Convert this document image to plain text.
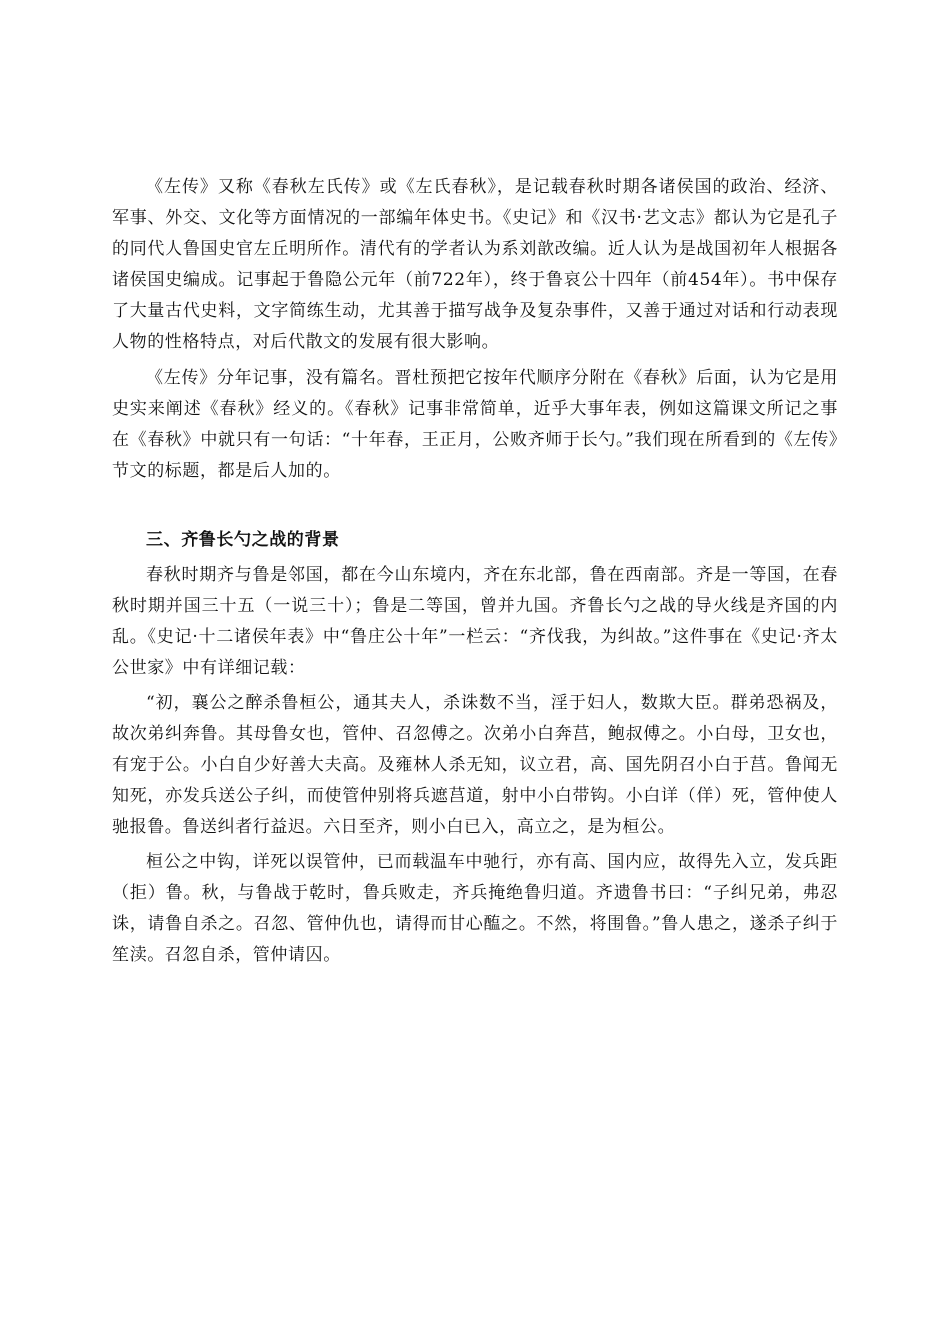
《左传》又称《春秋左氏传》或《左氏春秋》，是记载春秋时期各诸侯国的政治、经济、军事、外交、文化等方面情况的一部编年体史书。《史记》和《汉书·艺文志》都认为它是孔子的同代人鲁国史官左丘明所作。清代有的学者认为系刘歆改编。近人认为是战国初年人根据各诸侯国史编成。记事起于鲁隐公元年（前722年），终于鲁哀公十四年（前454年）。书中保存了大量古代史料，文字简练生动，尤其善于描写战争及复杂事件，又善于通过对话和行动表现人物的性格特点，对后代散文的发展有很大影响。

《左传》分年记事，没有篇名。晋杜预把它按年代顺序分附在《春秋》后面，认为它是用史实来阐述《春秋》经义的。《春秋》记事非常简单，近乎大事年表，例如这篇课文所记之事在《春秋》中就只有一句话：“十年春，王正月，公败齐师于长勺。”我们现在所看到的《左传》节文的标题，都是后人加的。

三、齐鲁长勺之战的背景

春秋时期齐与鲁是邻国，都在今山东境内，齐在东北部，鲁在西南部。齐是一等国，在春秋时期并国三十五（一说三十）；鲁是二等国，曾并九国。齐鲁长勺之战的导火线是齐国的内乱。《史记·十二诸侯年表》中“鲁庄公十年”一栏云：“齐伐我，为纠故。”这件事在《史记·齐太公世家》中有详细记载：

“初，襄公之醉杀鲁桓公，通其夫人，杀诛数不当，淫于妇人，数欺大臣。群弟恐祸及，故次弟纠奔鲁。其母鲁女也，管仲、召忽傅之。次弟小白奔莒，鲍叔傅之。小白母，卫女也，有宠于公。小白自少好善大夫高。及雍林人杀无知，议立君，高、国先阴召小白于莒。鲁闻无知死，亦发兵送公子纠，而使管仲别将兵遮莒道，射中小白带钩。小白详（佯）死，管仲使人驰报鲁。鲁送纠者行益迟。六日至齐，则小白已入，高立之，是为桓公。

桓公之中钩，详死以误管仲，已而载温车中驰行，亦有高、国内应，故得先入立，发兵距（拒）鲁。秋，与鲁战于乾时，鲁兵败走，齐兵掩绝鲁归道。齐遗鲁书曰：“子纠兄弟，弗忍诛，请鲁自杀之。召忽、管仲仇也，请得而甘心醢之。不然，将围鲁。”鲁人患之，遂杀子纠于笙渎。召忽自杀，管仲请囚。
